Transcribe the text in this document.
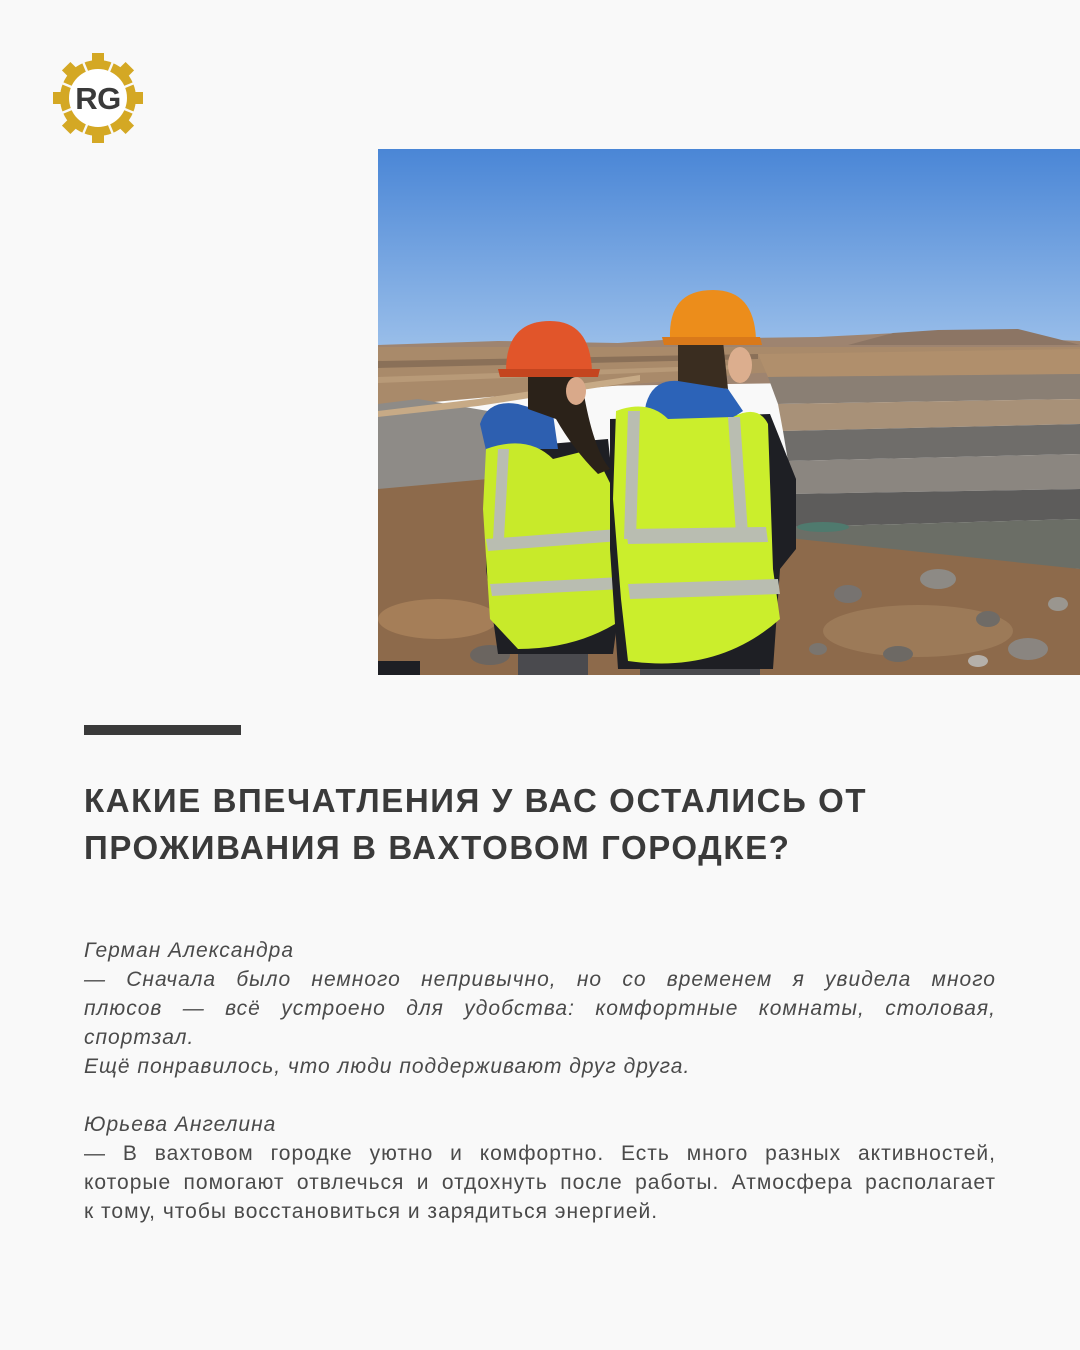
RG
КАКИЕ ВПЕЧАТЛЕНИЯ У ВАС ОСТАЛИСЬ ОТ
ПРОЖИВАНИЯ В ВАХТОВОМ ГОРОДКЕ?
Герман Александра
— Сначала было немного непривычно, но со временем я увидела много
плюсов — всё устроено для удобства: комфортные комнаты, столовая, спортзал.
Ещё понравилось, что люди поддерживают друг друга.
Юрьева Ангелина
— В вахтовом городке уютно и комфортно. Есть много разных активностей,
которые помогают отвлечься и отдохнуть после работы. Атмосфера располагает
к тому, чтобы восстановиться и зарядиться энергией.
